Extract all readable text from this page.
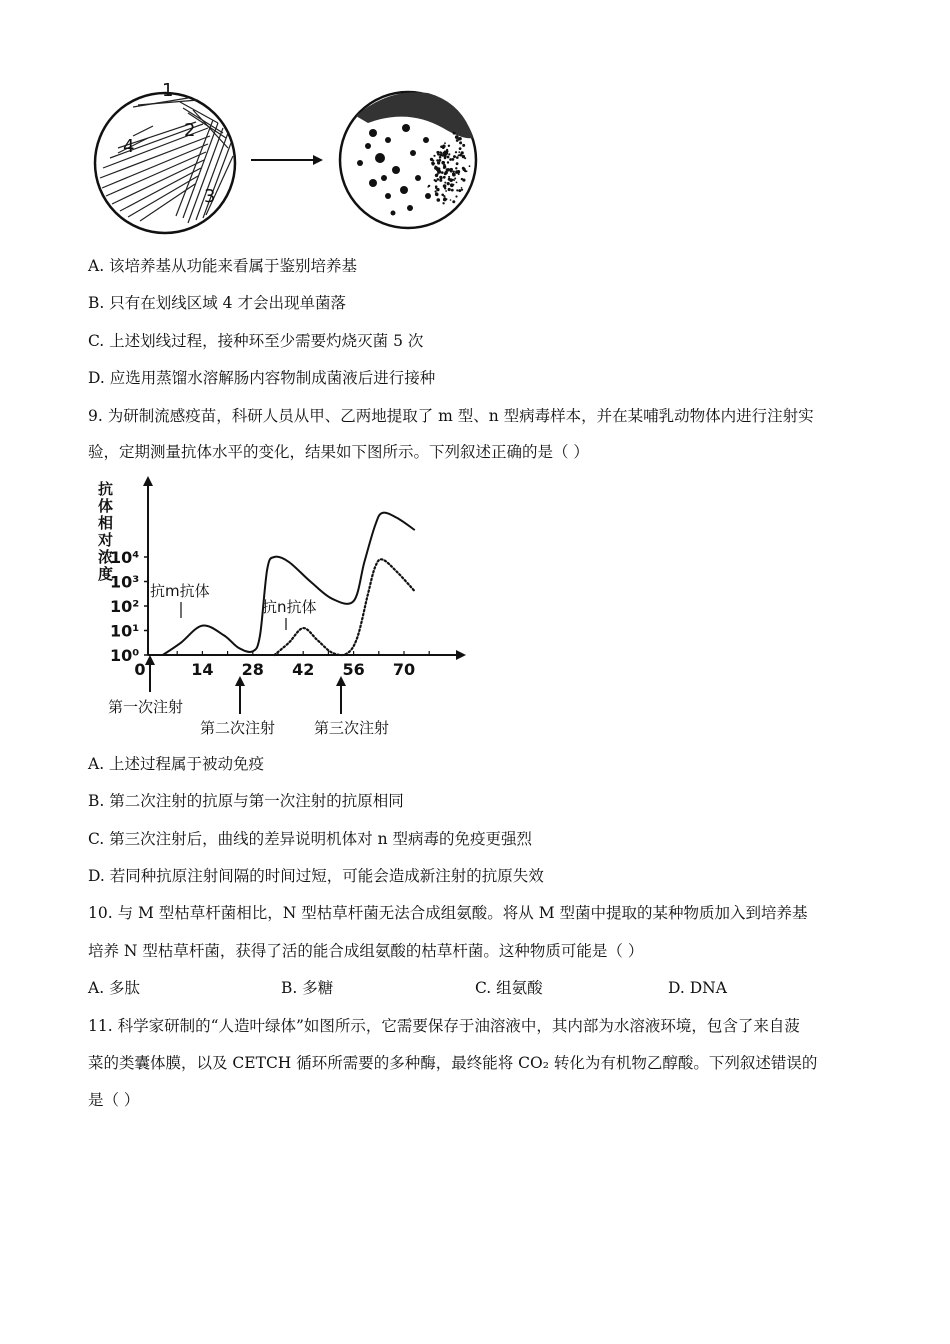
1
2
3
4
A. 该培养基从功能来看属于鉴别培养基
B. 只有在划线区域 4 才会出现单菌落
C. 上述划线过程，接种环至少需要灼烧灭菌 5 次
D. 应选用蒸馏水溶解肠内容物制成菌液后进行接种
9. 为研制流感疫苗，科研人员从甲、乙两地提取了 m 型、n 型病毒样本，并在某哺乳动物体内进行注射实
验，定期测量抗体水平的变化，结果如下图所示。下列叙述正确的是（ ）
抗
体
相
对
浓
度
10⁰
10¹
10²
10³
10⁴
0	14 28 42 56 70
抗m抗体
抗n抗体
第一次注射
第二次注射	第三次注射
A. 上述过程属于被动免疫
B. 第二次注射的抗原与第一次注射的抗原相同
C. 第三次注射后，曲线的差异说明机体对 n 型病毒的免疫更强烈
D. 若同种抗原注射间隔的时间过短，可能会造成新注射的抗原失效
10. 与 M 型枯草杆菌相比，N 型枯草杆菌无法合成组氨酸。将从 M 型菌中提取的某种物质加入到培养基
培养 N 型枯草杆菌，获得了活的能合成组氨酸的枯草杆菌。这种物质可能是（ ）
A. 多肽	B. 多糖	C. 组氨酸	D. DNA
11. 科学家研制的“人造叶绿体”如图所示，它需要保存于油溶液中，其内部为水溶液环境，包含了来自菠
菜的类囊体膜，以及 CETCH 循环所需要的多种酶，最终能将 CO₂ 转化为有机物乙醇酸。下列叙述错误的
是（ ）
